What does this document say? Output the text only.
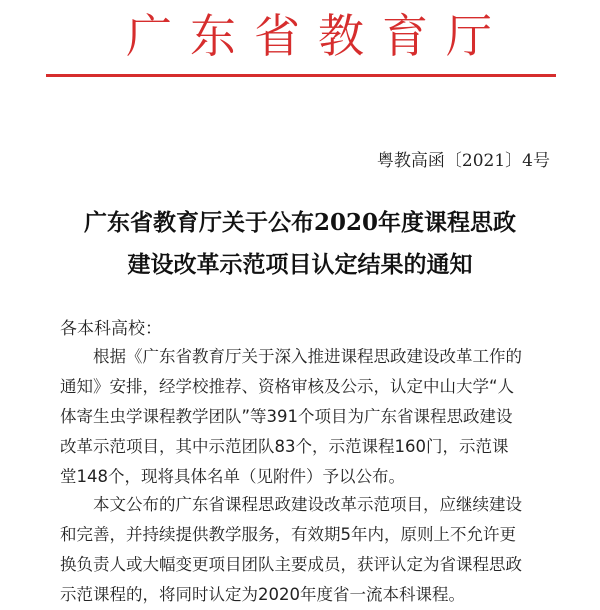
广东省教育厅
粤教高函〔2021〕4号
广东省教育厅关于公布2020年度课程思政
建设改革示范项目认定结果的通知
各本科高校：
根据《广东省教育厅关于深入推进课程思政建设改革工作的
通知》安排，经学校推荐、资格审核及公示，认定中山大学“人
体寄生虫学课程教学团队”等391个项目为广东省课程思政建设
改革示范项目，其中示范团队83个，示范课程160门，示范课
堂148个，现将具体名单（见附件）予以公布。
本文公布的广东省课程思政建设改革示范项目，应继续建设
和完善，并持续提供教学服务，有效期5年内，原则上不允许更
换负责人或大幅变更项目团队主要成员，获评认定为省课程思政
示范课程的，将同时认定为2020年度省一流本科课程。
